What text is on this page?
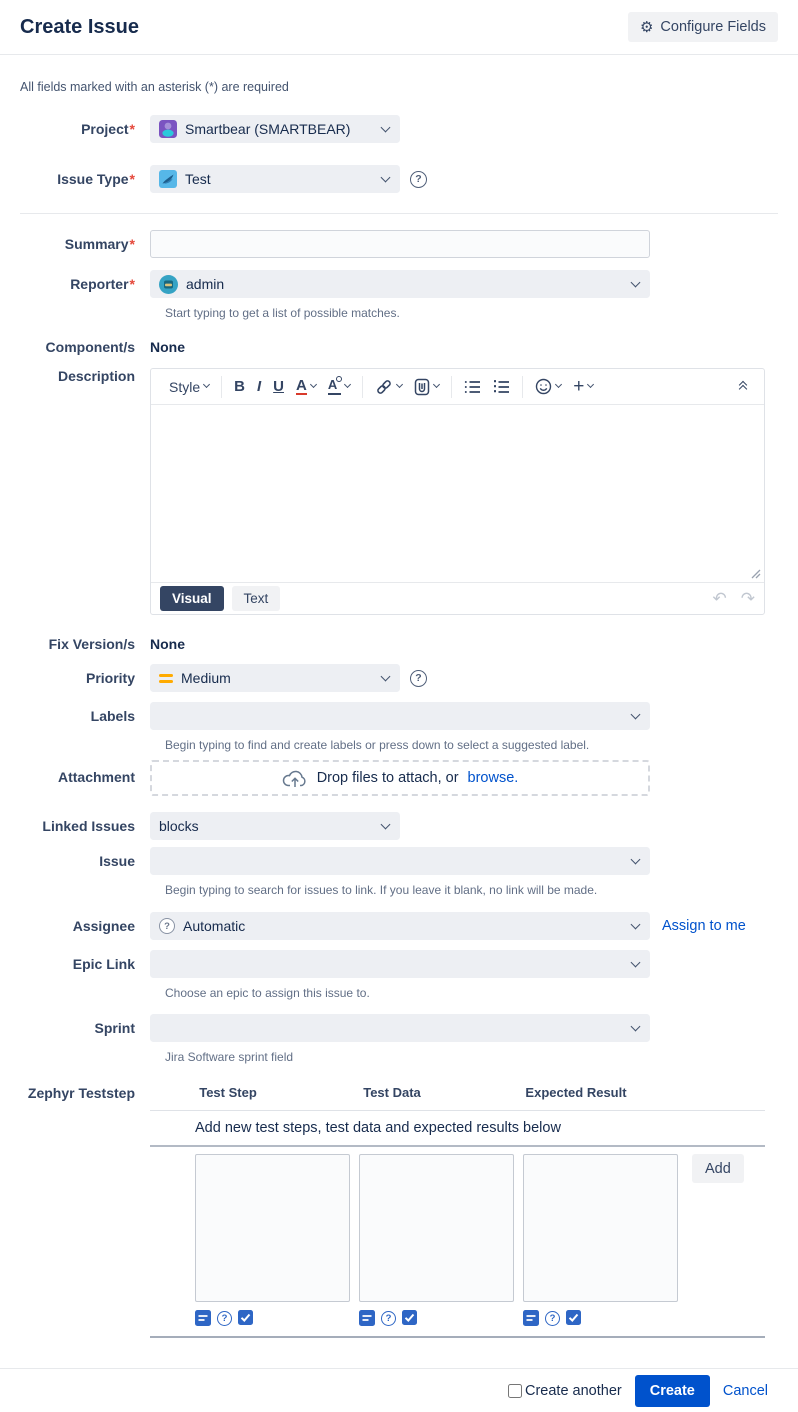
Create Issue	⚙ Configure Fields
All fields marked with an asterisk (*) are required
Project*	Smartbear (SMARTBEAR)
Issue Type*	Test	?
Summary*
Reporter*	admin
Start typing to get a list of possible matches.
Component/s	None
Description
Style B I U A A	+
Visual	Text	↶ ↷
Fix Version/s	None
Priority	Medium	?
Labels
Begin typing to find and create labels or press down to select a suggested label.
Attachment	Drop files to attach, or browse.
Linked Issues	blocks
Issue
Begin typing to search for issues to link. If you leave it blank, no link will be made.
Assignee	? Automatic	Assign to me
Epic Link
Choose an epic to assign this issue to.
Sprint
Jira Software sprint field
Zephyr Teststep	Test Step	Test Data	Expected Result
Add new test steps, test data and expected results below
Add
?	?	?
Create another	Create	Cancel
